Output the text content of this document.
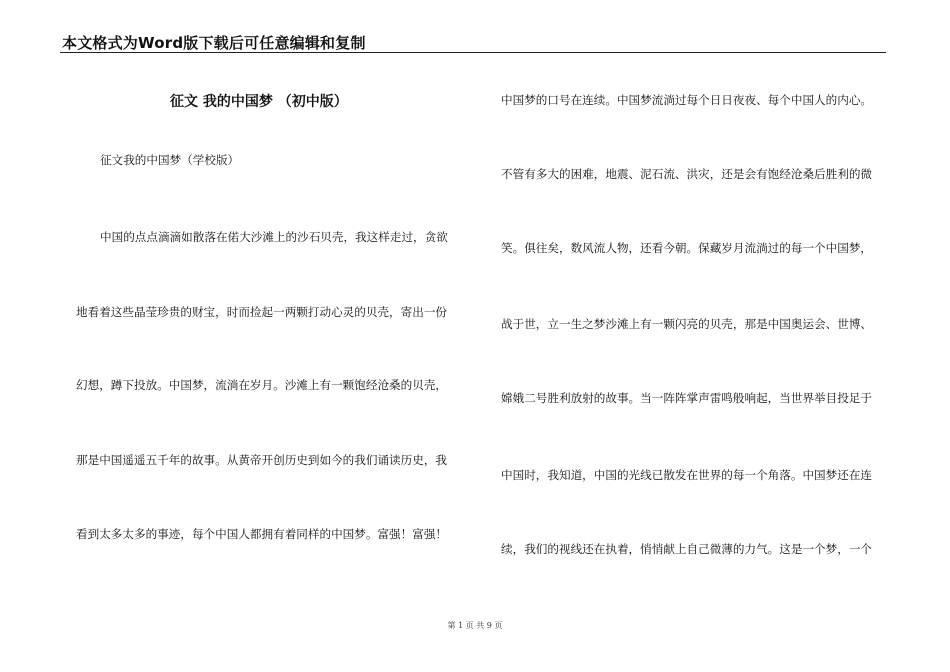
本文格式为Word版下载后可任意编辑和复制
征文 我的中国梦 （初中版）
征文我的中国梦（学校版）
中国的点点滴滴如散落在偌大沙滩上的沙石贝壳，我这样走过，贪欲
地看着这些晶莹珍贵的财宝，时而捡起一两颗打动心灵的贝壳，寄出一份
幻想，蹲下投放。中国梦，流淌在岁月。沙滩上有一颗饱经沧桑的贝壳，
那是中国遥遥五千年的故事。从黄帝开创历史到如今的我们诵读历史，我
看到太多太多的事迹，每个中国人都拥有着同样的中国梦。富强！富强！
中国梦的口号在连续。中国梦流淌过每个日日夜夜、每个中国人的内心。
不管有多大的困难，地震、泥石流、洪灾，还是会有饱经沧桑后胜利的微
笑。俱往矣，数风流人物，还看今朝。保藏岁月流淌过的每一个中国梦，
战于世，立一生之梦沙滩上有一颗闪亮的贝壳，那是中国奥运会、世博、
嫦娥二号胜利放射的故事。当一阵阵掌声雷鸣般响起，当世界举目投足于
中国时，我知道，中国的光线已散发在世界的每一个角落。中国梦还在连
续，我们的视线还在执着，悄悄献上自己微薄的力气。这是一个梦，一个
第 1 页 共 9 页
